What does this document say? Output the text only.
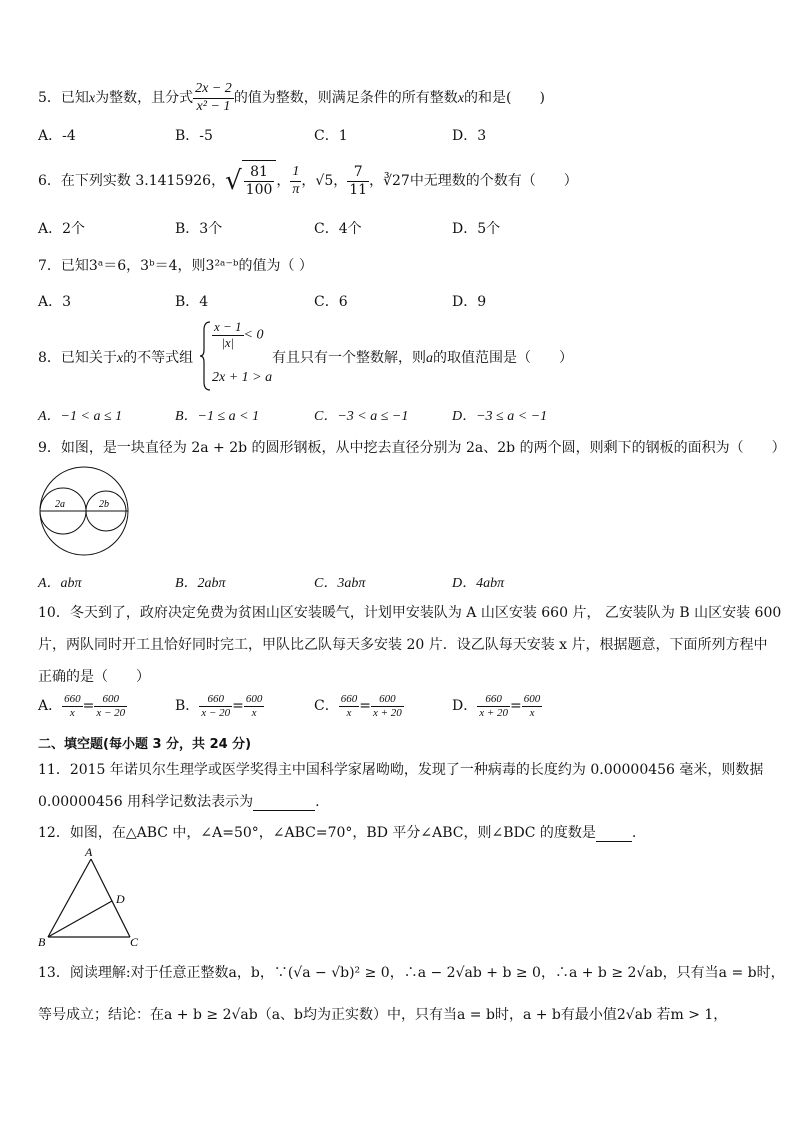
5．已知x为整数，且分式 $\frac{2x - 2}{\text{x² − 1}}$ 的值为整数，则满足条件的所有整数x的和是(　　)
A．-4	B．-5	C．1	D．3
6．在下列实数 3.1415926，√ $\frac{81}{100}$ ， $\frac{1}{\pi}$ ，√5， $\frac{7}{11}$ ，∛27中无理数的个数有（　　）
A．2个	B．3个	C．4个	D．5个
7．已知3ᵃ＝6，3ᵇ＝4，则3²ᵃ⁻ᵇ的值为（ ）
A．3	B．4	C．6	D．9
8．已知关于x的不等式组
$\frac{x - 1}{|x|} < 0$
2x + 1 > a
有且只有一个整数解，则a的取值范围是（　　）
A．−1 < a ≤ 1	B．−1 ≤ a < 1	C．−3 < a ≤ −1	D．−3 ≤ a < −1
9．如图，是一块直径为 2a + 2b 的圆形钢板，从中挖去直径分别为 2a、2b 的两个圆，则剩下的钢板的面积为（　　）
2a	2b
A．abπ	B．2abπ	C．3abπ	D．4abπ
10．冬天到了，政府决定免费为贫困山区安装暖气，计划甲安装队为 A 山区安装 660 片， 乙安装队为 B 山区安装 600
片，两队同时开工且恰好同时完工，甲队比乙队每天多安装 20 片．设乙队每天安装 x 片，根据题意，下面所列方程中
正确的是（　　）
A． $\frac{660}{x} = \frac{600}{x - 20}$	B． $\frac{660}{x - 20} = \frac{600}{x}$	C． $\frac{660}{x} = \frac{600}{x + 20}$	D． $\frac{660}{x + 20} = \frac{600}{x}$
二、填空题(每小题 3 分，共 24 分)
11．2015 年诺贝尔生理学或医学奖得主中国科学家屠呦呦，发现了一种病毒的长度约为 0.00000456 毫米，则数据
0.00000456 用科学记数法表示为	.
12．如图，在△ABC 中，∠A=50°，∠ABC=70°，BD 平分∠ABC，则∠BDC 的度数是	.
A
B	C
D
13．阅读理解:对于任意正整数a，b，∵(√a − √b)² ≥ 0，∴a − 2√ab + b ≥ 0，∴a + b ≥ 2√ab，只有当a = b时，
等号成立；结论：在a + b ≥ 2√ab（a、b均为正实数）中，只有当a = b时，a + b有最小值2√ab 若m > 1，
